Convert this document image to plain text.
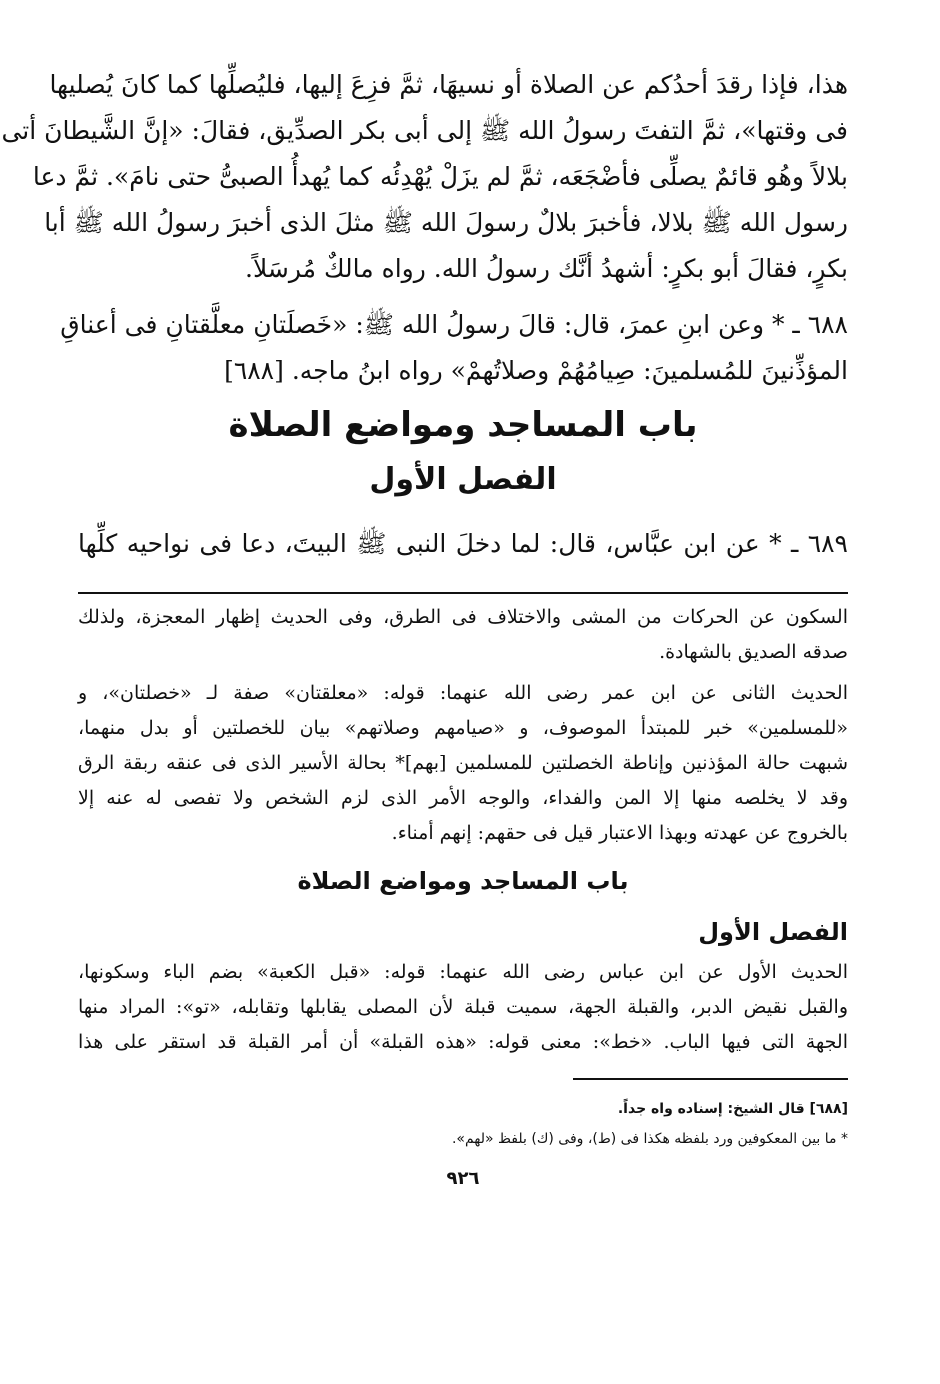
هذا، فإذا رقدَ أحدُكم عن الصلاة أو نسيهَا، ثمَّ فزِعَ إليها، فليُصلِّها كما كانَ يُصليها

فى وقتها»، ثمَّ التفتَ رسولُ الله ﷺ إلى أبى بكر الصدِّيق، فقالَ: «إنَّ الشَّيطانَ أتى

بلالاً وهُو قائمٌ يصلِّى فأضْجَعَه، ثمَّ لم يزَلْ يُهْدِئُه كما يُهدأُ الصبىُّ حتى نامَ». ثمَّ دعا

رسول الله ﷺ بلالا، فأخبرَ بلالٌ رسولَ الله ﷺ مثلَ الذى أخبرَ رسولُ الله ﷺ أبا

بكرٍ، فقالَ أبو بكرٍ: أشهدُ أنَّك رسولُ الله. رواه مالكٌ مُرسَلاً.

٦٨٨ ـ * وعن ابنِ عمرَ، قال: قالَ رسولُ الله ﷺ: «خَصلَتانِ معلَّقتانِ فى أعناقِ

المؤذِّنينَ للمُسلمينَ: صِيامُهُمْ وصلاتُهمْ» رواه ابنُ ماجه. [٦٨٨]

باب المساجد ومواضع الصلاة
الفصل الأول

٦٨٩ ـ * عن ابن عبَّاس، قال: لما دخلَ النبى ﷺ البيتَ، دعا فى نواحيه كلِّها

السكون عن الحركات من المشى والاختلاف فى الطرق، وفى الحديث إظهار المعجزة، ولذلك

صدقه الصديق بالشهادة.

الحديث الثانى عن ابن عمر رضى الله عنهما: قوله: «معلقتان» صفة لـ «خصلتان»، و

«للمسلمين» خبر للمبتدأ الموصوف، و «صيامهم وصلاتهم» بيان للخصلتين أو بدل منهما،

شبهت حالة المؤذنين وإناطة الخصلتين للمسلمين [بهم]* بحالة الأسير الذى فى عنقه ربقة الرق

وقد لا يخلصه منها إلا المن والفداء، والوجه الأمر الذى لزم الشخص ولا تفصى له عنه إلا

بالخروج عن عهدته وبهذا الاعتبار قيل فى حقهم: إنهم أمناء.

باب المساجد ومواضع الصلاة
الفصل الأول

الحديث الأول عن ابن عباس رضى الله عنهما: قوله: «قبل الكعبة» بضم الباء وسكونها،

والقبل نقيض الدبر، والقبلة الجهة، سميت قبلة لأن المصلى يقابلها وتقابله، «تو»: المراد منها

الجهة التى فيها الباب. «خط»: معنى قوله: «هذه القبلة» أن أمر القبلة قد استقر على هذا

[٦٨٨] قال الشيخ: إسناده واه جداً.

* ما بين المعكوفين ورد بلفظه هكذا فى (ط)، وفى (ك) بلفظ «لهم».

٩٢٦
